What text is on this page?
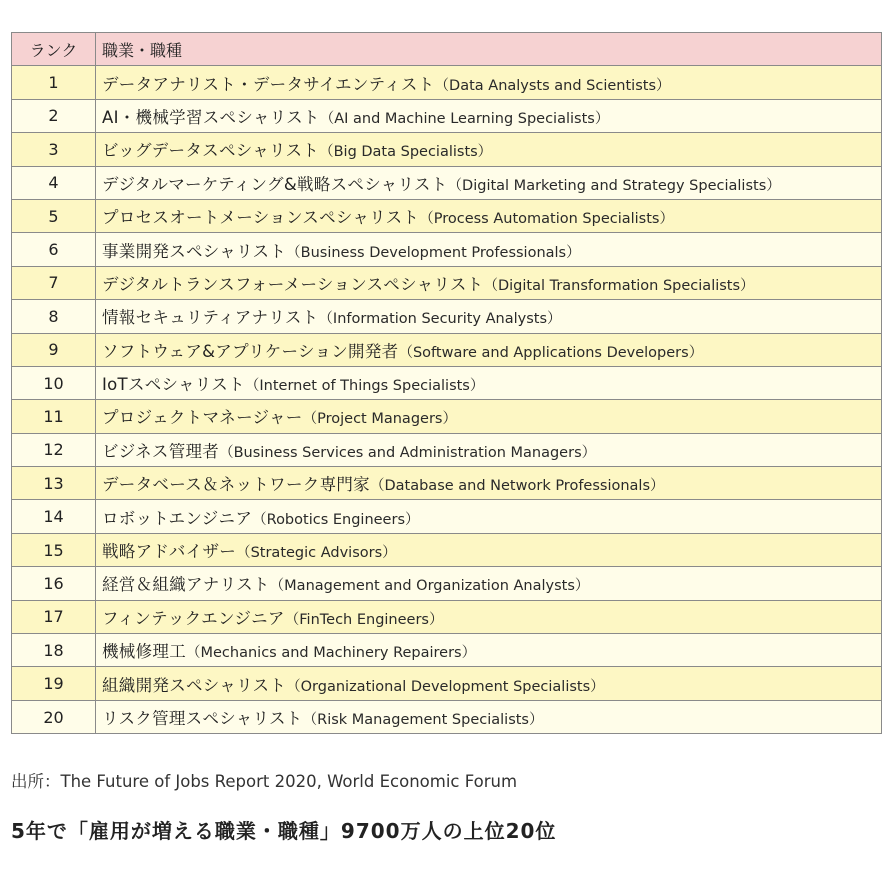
ランク	職業・職種
1	データアナリスト・データサイエンティスト（Data Analysts and Scientists）
2	AI・機械学習スペシャリスト（AI and Machine Learning Specialists）
3	ビッグデータスペシャリスト（Big Data Specialists）
4	デジタルマーケティング&戦略スペシャリスト（Digital Marketing and Strategy Specialists）
5	プロセスオートメーションスペシャリスト（Process Automation Specialists）
6	事業開発スペシャリスト（Business Development Professionals）
7	デジタルトランスフォーメーションスペシャリスト（Digital Transformation Specialists）
8	情報セキュリティアナリスト（Information Security Analysts）
9	ソフトウェア&アプリケーション開発者（Software and Applications Developers）
10	IoTスペシャリスト（Internet of Things Specialists）
11	プロジェクトマネージャー（Project Managers）
12	ビジネス管理者（Business Services and Administration Managers）
13	データベース＆ネットワーク専門家（Database and Network Professionals）
14	ロボットエンジニア（Robotics Engineers）
15	戦略アドバイザー（Strategic Advisors）
16	経営＆組織アナリスト（Management and Organization Analysts）
17	フィンテックエンジニア（FinTech Engineers）
18	機械修理工（Mechanics and Machinery Repairers）
19	組織開発スペシャリスト（Organizational Development Specialists）
20	リスク管理スペシャリスト（Risk Management Specialists）
出所：The Future of Jobs Report 2020, World Economic Forum
5年で「雇用が増える職業・職種」9700万人の上位20位
